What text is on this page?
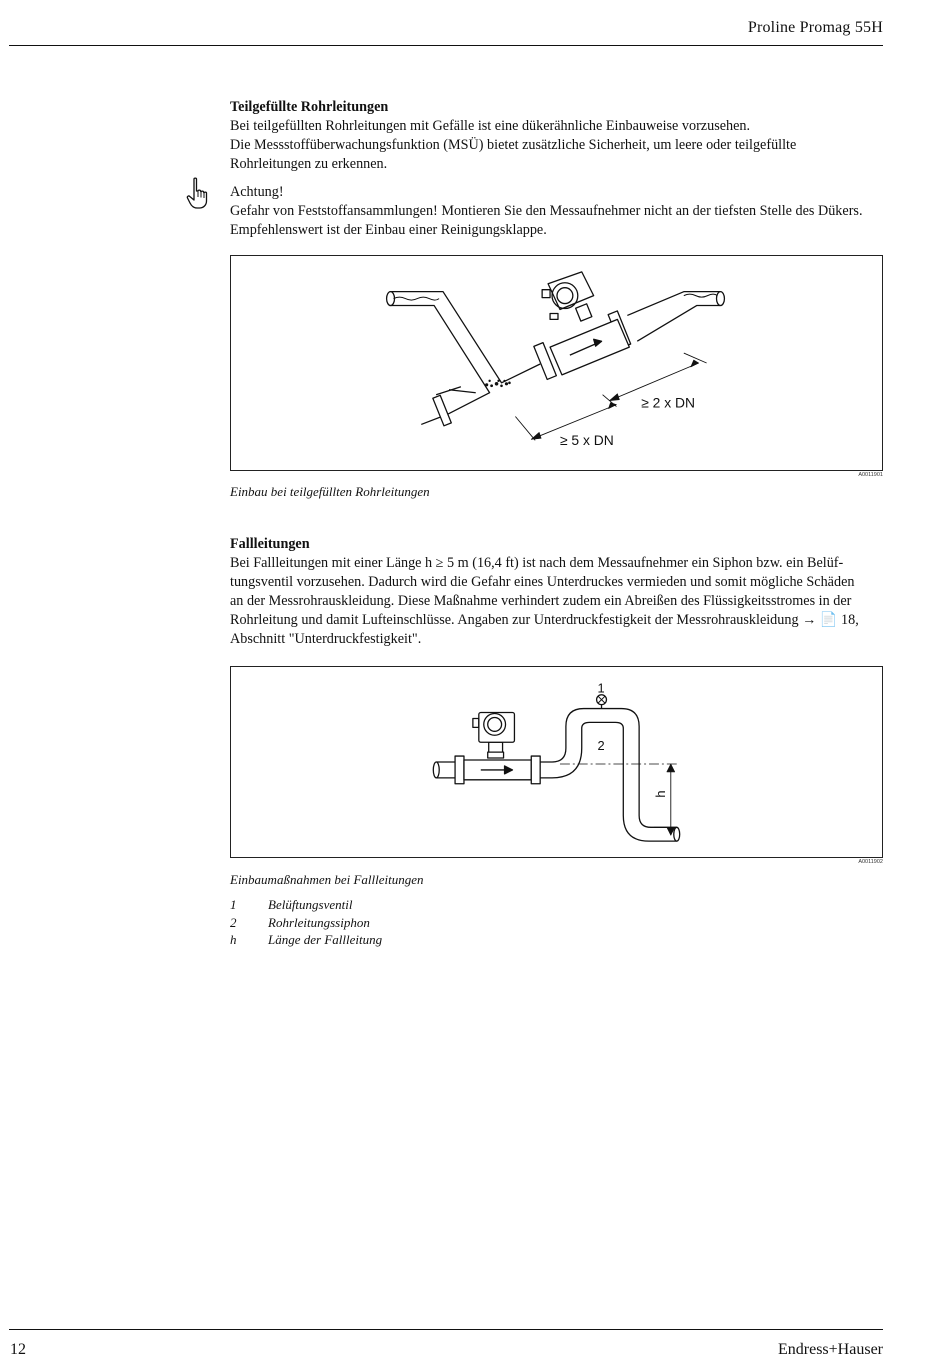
Proline Promag 55H

Teilgefüllte Rohrleitungen

Bei teilgefüllten Rohrleitungen mit Gefälle ist eine dükerähnliche Einbauweise vorzusehen.

Die Messstoffüberwachungsfunktion (MSÜ) bietet zusätzliche Sicherheit, um leere oder teilgefüllte

Rohrleitungen zu erkennen.

Achtung!

Gefahr von Feststoffansammlungen! Montieren Sie den Messaufnehmer nicht an der tiefsten Stelle des Dükers.

Empfehlenswert ist der Einbau einer Reinigungsklappe.

≥ 2 x DN
≥ 5 x DN
A0011901
Einbau bei teilgefüllten Rohrleitungen

Fallleitungen

Bei Fallleitungen mit einer Länge h ≥ 5 m (16,4 ft) ist nach dem Messaufnehmer ein Siphon bzw. ein Belüf-

tungsventil vorzusehen. Dadurch wird die Gefahr eines Unterdruckes vermieden und somit mögliche Schäden

an der Messrohrauskleidung. Diese Maßnahme verhindert zudem ein Abreißen des Flüssigkeitsstromes in der

Rohrleitung und damit Lufteinschlüsse. Angaben zur Unterdruckfestigkeit der Messrohrauskleidung → 📄 18,

Abschnitt "Unterdruckfestigkeit".

1
2
h
A0011902
Einbaumaßnahmen bei Fallleitungen
1	Belüftungsventil
2	Rohrleitungssiphon
h	Länge der Fallleitung
12	Endress+Hauser
